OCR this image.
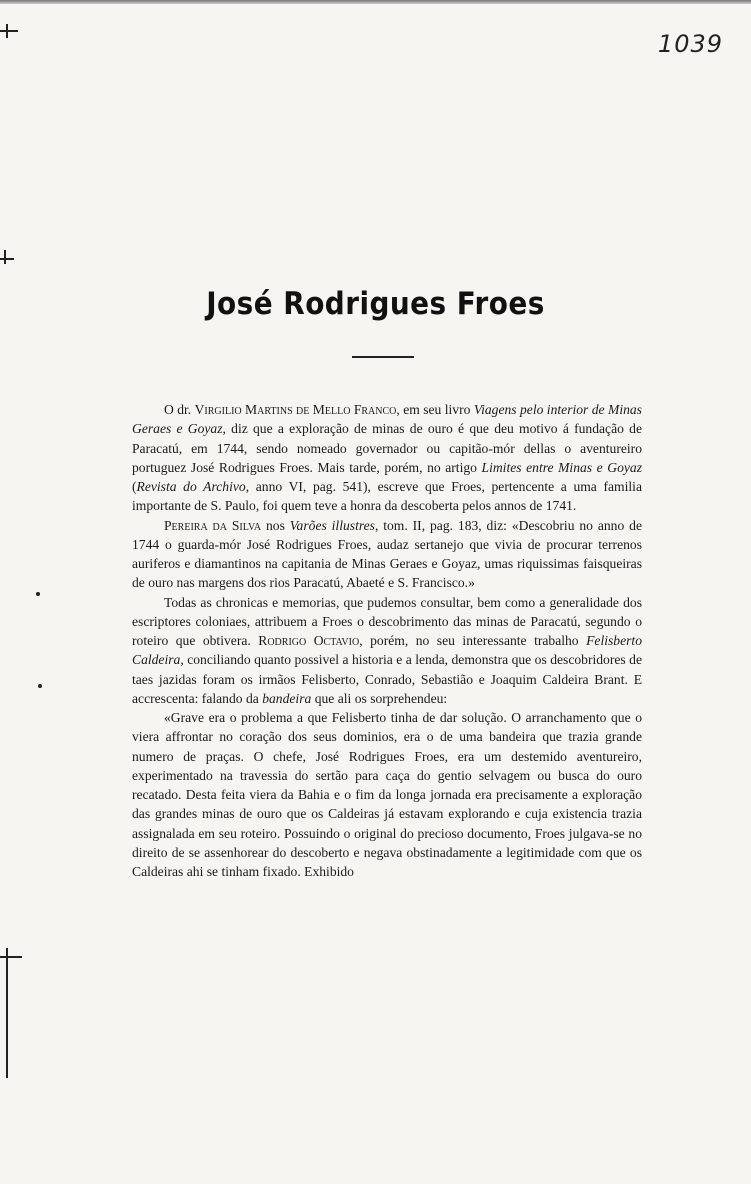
1039
José Rodrigues Froes

O dr. Virgilio Martins de Mello Franco, em seu livro Viagens pelo interior de Minas Geraes e Goyaz, diz que a exploração de minas de ouro é que deu motivo á fundação de Paracatú, em 1744, sendo nomeado governador ou capitão-mór dellas o aventureiro portuguez José Rodrigues Froes. Mais tarde, porém, no artigo Limites entre Minas e Goyaz (Revista do Archivo, anno VI, pag. 541), escreve que Froes, pertencente a uma familia importante de S. Paulo, foi quem teve a honra da descoberta pelos annos de 1741.

Pereira da Silva nos Varões illustres, tom. II, pag. 183, diz: «Descobriu no anno de 1744 o guarda-mór José Rodrigues Froes, audaz sertanejo que vivia de procurar terrenos auriferos e diamantinos na capitania de Minas Geraes e Goyaz, umas riquissimas faisqueiras de ouro nas margens dos rios Paracatú, Abaeté e S. Francisco.»

Todas as chronicas e memorias, que pudemos consultar, bem como a generalidade dos escriptores coloniaes, attribuem a Froes o descobrimento das minas de Paracatú, segundo o roteiro que obtivera. Rodrigo Octavio, porém, no seu interessante trabalho Felisberto Caldeira, conciliando quanto possivel a historia e a lenda, demonstra que os descobridores de taes jazidas foram os irmãos Felisberto, Conrado, Sebastião e Joaquim Caldeira Brant. E accrescenta: falando da bandeira que ali os sorprehendeu:

«Grave era o problema a que Felisberto tinha de dar solução. O arranchamento que o viera affrontar no coração dos seus dominios, era o de uma bandeira que trazia grande numero de praças. O chefe, José Rodrigues Froes, era um destemido aventureiro, experimentado na travessia do sertão para caça do gentio selvagem ou busca do ouro recatado. Desta feita viera da Bahia e o fim da longa jornada era precisamente a exploração das grandes minas de ouro que os Caldeiras já estavam explorando e cuja existencia trazia assignalada em seu roteiro. Possuindo o original do precioso documento, Froes julgava-se no direito de se assenhorear do descoberto e negava obstinadamente a legitimidade com que os Caldeiras ahi se tinham fixado. Exhibido
